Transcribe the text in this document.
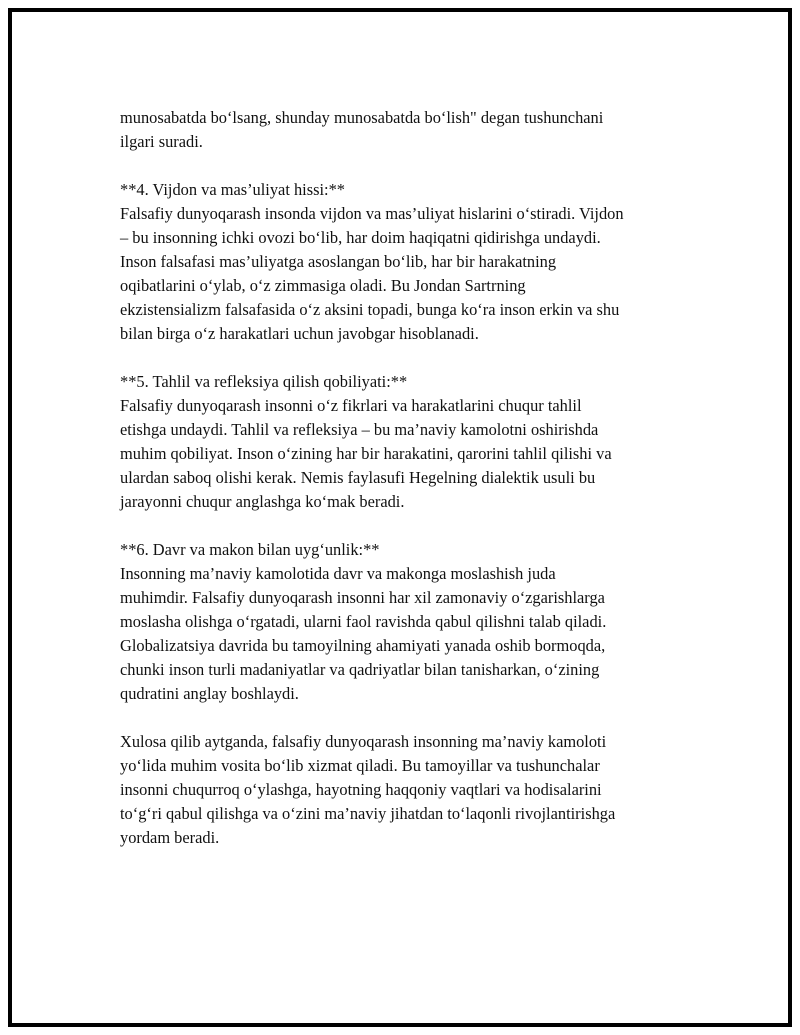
munosabatda bo‘lsang, shunday munosabatda bo‘lish" degan tushunchani
ilgari suradi.

**4. Vijdon va mas’uliyat hissi:**
Falsafiy dunyoqarash insonda vijdon va mas’uliyat hislarini o‘stiradi. Vijdon
– bu insonning ichki ovozi bo‘lib, har doim haqiqatni qidirishga undaydi.
Inson falsafasi mas’uliyatga asoslangan bo‘lib, har bir harakatning
oqibatlarini o‘ylab, o‘z zimmasiga oladi. Bu Jondan Sartrning
ekzistensializm falsafasida o‘z aksini topadi, bunga ko‘ra inson erkin va shu
bilan birga o‘z harakatlari uchun javobgar hisoblanadi.

**5. Tahlil va refleksiya qilish qobiliyati:**
Falsafiy dunyoqarash insonni o‘z fikrlari va harakatlarini chuqur tahlil
etishga undaydi. Tahlil va refleksiya – bu ma’naviy kamolotni oshirishda
muhim qobiliyat. Inson o‘zining har bir harakatini, qarorini tahlil qilishi va
ulardan saboq olishi kerak. Nemis faylasufi Hegelning dialektik usuli bu
jarayonni chuqur anglashga ko‘mak beradi.

**6. Davr va makon bilan uyg‘unlik:**
Insonning ma’naviy kamolotida davr va makonga moslashish juda
muhimdir. Falsafiy dunyoqarash insonni har xil zamonaviy o‘zgarishlarga
moslasha olishga o‘rgatadi, ularni faol ravishda qabul qilishni talab qiladi.
Globalizatsiya davrida bu tamoyilning ahamiyati yanada oshib bormoqda,
chunki inson turli madaniyatlar va qadriyatlar bilan tanisharkan, o‘zining
qudratini anglay boshlaydi.

Xulosa qilib aytganda, falsafiy dunyoqarash insonning ma’naviy kamoloti
yo‘lida muhim vosita bo‘lib xizmat qiladi. Bu tamoyillar va tushunchalar
insonni chuqurroq o‘ylashga, hayotning haqqoniy vaqtlari va hodisalarini
to‘g‘ri qabul qilishga va o‘zini ma’naviy jihatdan to‘laqonli rivojlantirishga
yordam beradi.
